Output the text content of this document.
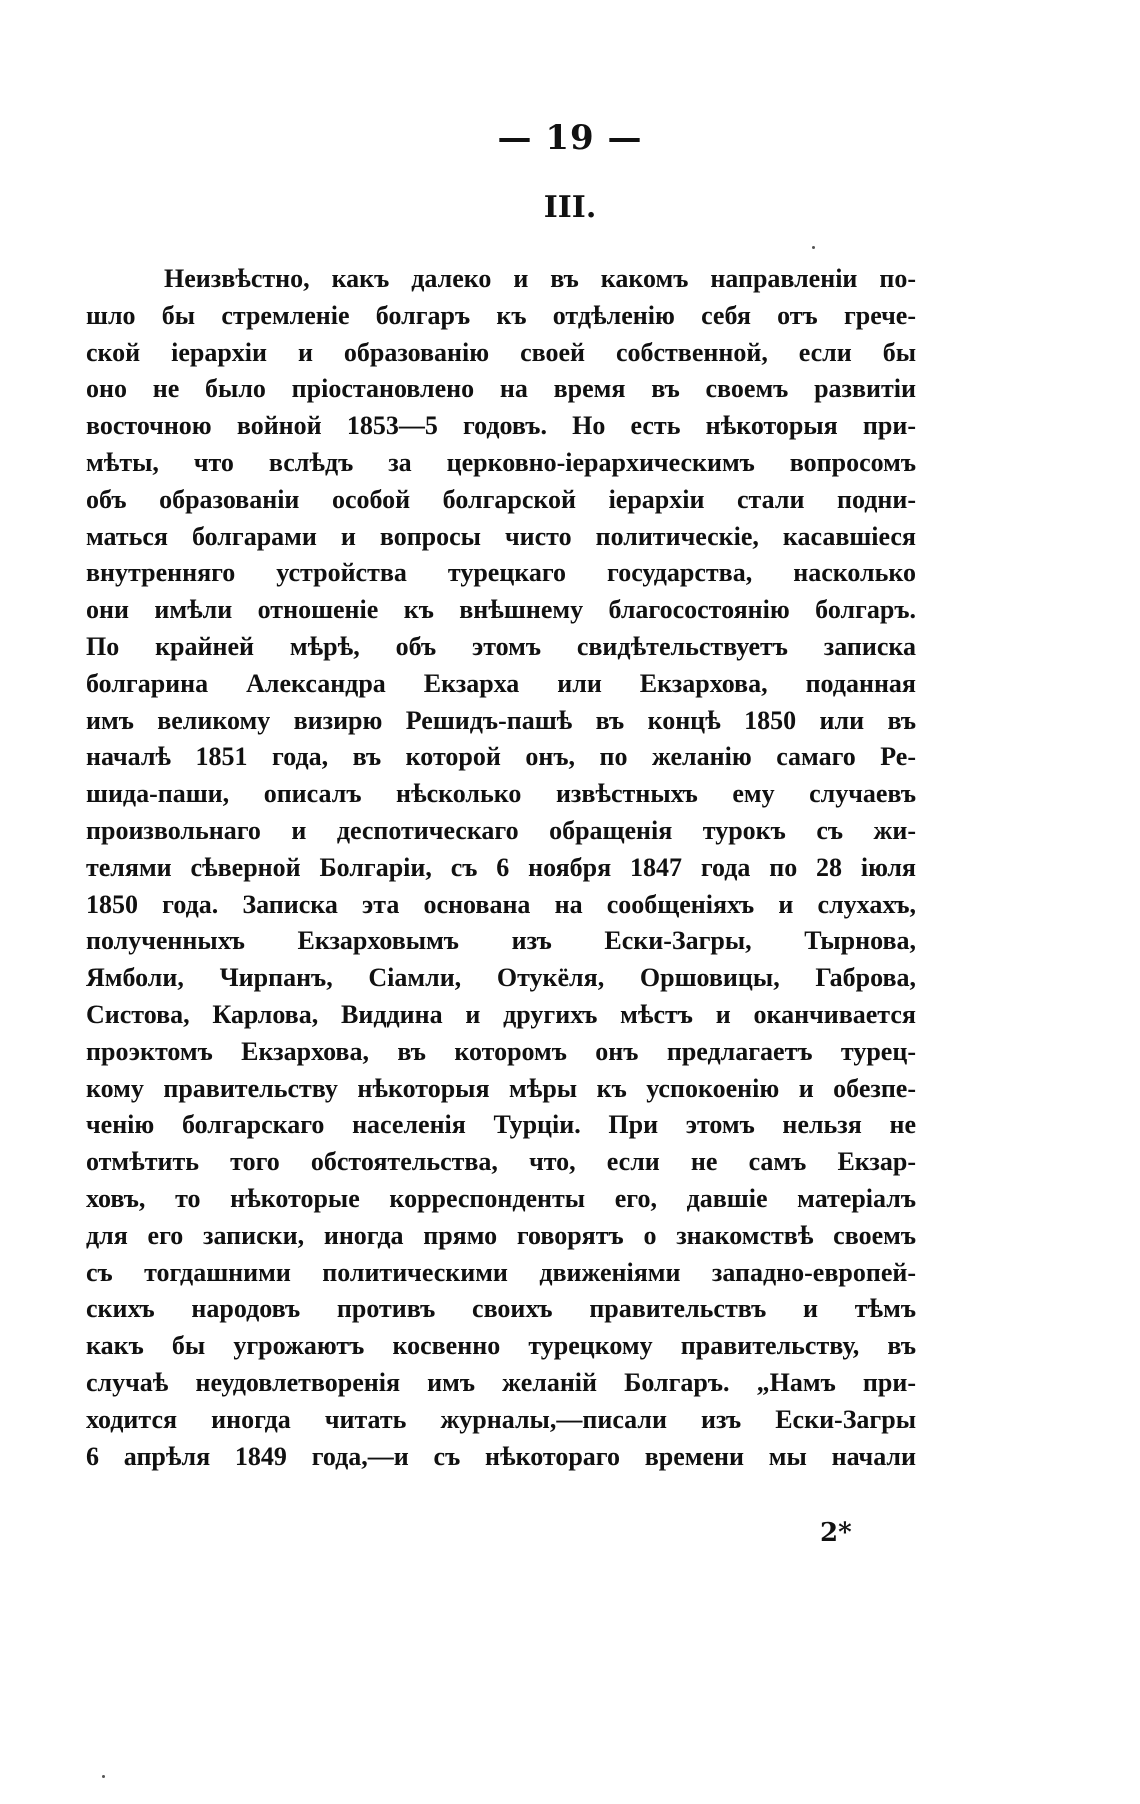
— 19 —
III.
Неизвѣстно, какъ далеко и въ какомъ направленіи по-
шло бы стремленіе болгаръ къ отдѣленію себя отъ грече-
ской іерархіи и образованію своей собственной, если бы
оно не было пріостановлено на время въ своемъ развитіи
восточною войной 1853—5 годовъ. Но есть нѣкоторыя при-
мѣты, что вслѣдъ за церковно-іерархическимъ вопросомъ
объ образованіи особой болгарской іерархіи стали подни-
маться болгарами и вопросы чисто политическіе, касавшіеся
внутренняго устройства турецкаго государства, насколько
они имѣли отношеніе къ внѣшнему благосостоянію болгаръ.
По крайней мѣрѣ, объ этомъ свидѣтельствуетъ записка
болгарина Александра Екзарха или Екзархова, поданная
имъ великому визирю Решидъ-пашѣ въ концѣ 1850 или въ
началѣ 1851 года, въ которой онъ, по желанію самаго Ре-
шида-паши, описалъ нѣсколько извѣстныхъ ему случаевъ
произвольнаго и деспотическаго обращенія турокъ съ жи-
телями сѣверной Болгаріи, съ 6 ноября 1847 года по 28 іюля
1850 года. Записка эта основана на сообщеніяхъ и слухахъ,
полученныхъ Екзарховымъ изъ Ески-Загры, Тырнова,
Ямболи, Чирпанъ, Сіамли, Отукёля, Оршовицы, Габрова,
Систова, Карлова, Виддина и другихъ мѣстъ и оканчивается
проэктомъ Екзархова, въ которомъ онъ предлагаетъ турец-
кому правительству нѣкоторыя мѣры къ успокоенію и обезпе-
ченію болгарскаго населенія Турціи. При этомъ нельзя не
отмѣтить того обстоятельства, что, если не самъ Екзар-
ховъ, то нѣкоторые корреспонденты его, давшіе матеріалъ
для его записки, иногда прямо говорятъ о знакомствѣ своемъ
съ тогдашними политическими движеніями западно-европей-
скихъ народовъ противъ своихъ правительствъ и тѣмъ
какъ бы угрожаютъ косвенно турецкому правительству, въ
случаѣ неудовлетворенія имъ желаній Болгаръ. „Намъ при-
ходится иногда читать журналы,—писали изъ Ески-Загры
6 апрѣля 1849 года,—и съ нѣкотораго времени мы начали
2*
